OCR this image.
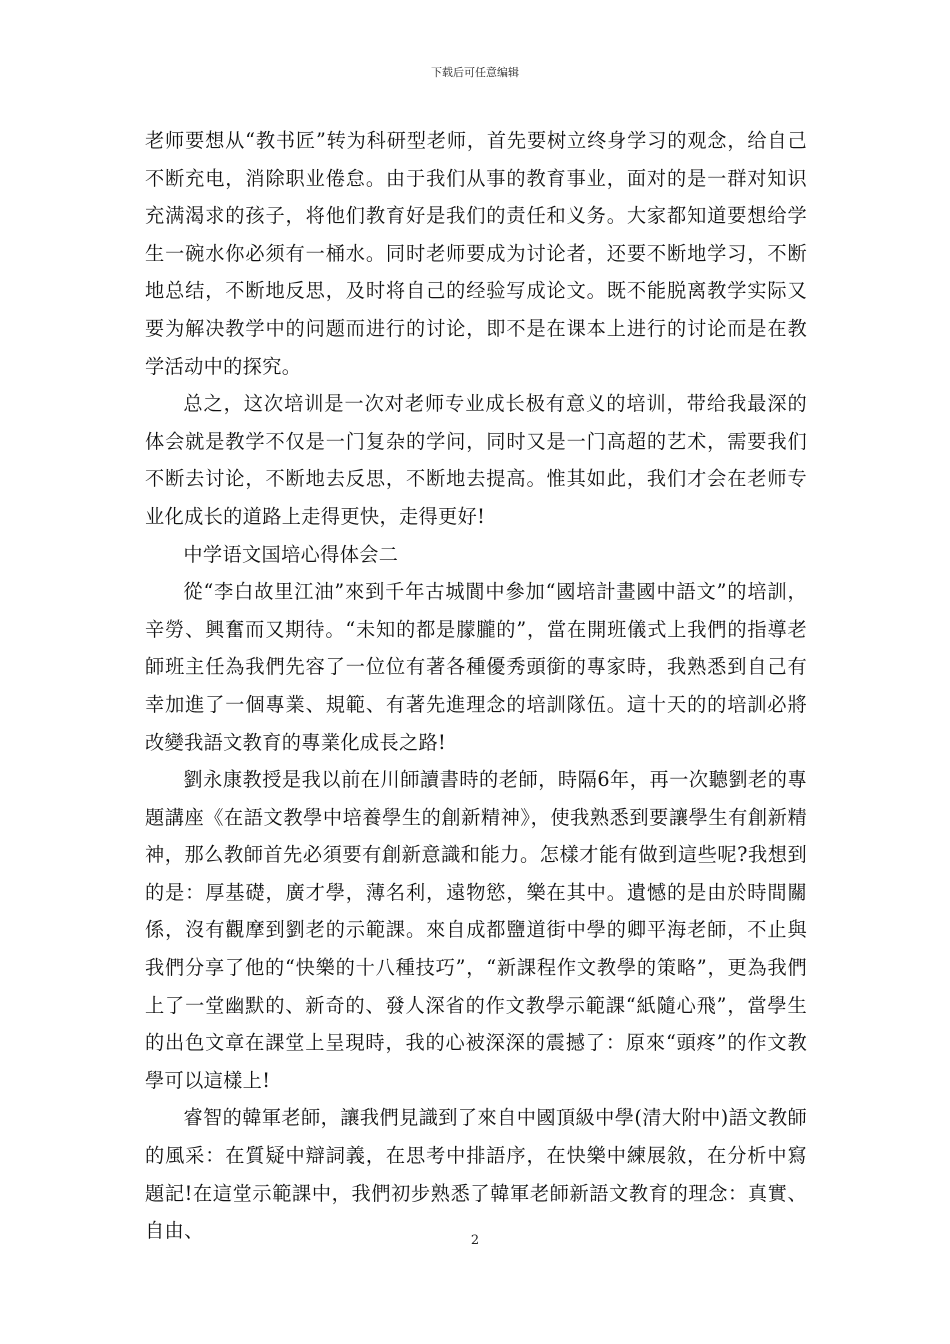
下载后可任意编辑

老师要想从“教书匠”转为科研型老师，首先要树立终身学习的观念，给自己不断充电，消除职业倦怠。由于我们从事的教育事业，面对的是一群对知识充满渴求的孩子，将他们教育好是我们的责任和义务。大家都知道要想给学生一碗水你必须有一桶水。同时老师要成为讨论者，还要不断地学习，不断地总结，不断地反思，及时将自己的经验写成论文。既不能脱离教学实际又要为解决教学中的问题而进行的讨论，即不是在课本上进行的讨论而是在教学活动中的探究。

总之，这次培训是一次对老师专业成长极有意义的培训，带给我最深的体会就是教学不仅是一门复杂的学问，同时又是一门高超的艺术，需要我们不断去讨论，不断地去反思，不断地去提高。惟其如此，我们才会在老师专业化成长的道路上走得更快，走得更好!

中学语文国培心得体会二

從“李白故里江油”來到千年古城閬中參加“國培計畫國中語文”的培訓，辛勞、興奮而又期待。“未知的都是朦朧的”，當在開班儀式上我們的指導老師班主任為我們先容了一位位有著各種優秀頭銜的專家時，我熟悉到自己有幸加進了一個專業、規範、有著先進理念的培訓隊伍。這十天的的培訓必將改變我語文教育的專業化成長之路!

劉永康教授是我以前在川師讀書時的老師，時隔6年，再一次聽劉老的專題講座《在語文教學中培養學生的創新精神》，使我熟悉到要讓學生有創新精神，那么教師首先必須要有創新意識和能力。怎樣才能有做到這些呢?我想到的是：厚基礎，廣才學，薄名利，遠物慾，樂在其中。遺憾的是由於時間關係，沒有觀摩到劉老的示範課。來自成都鹽道街中學的卿平海老師，不止與我們分享了他的“快樂的十八種技巧”，“新課程作文教學的策略”，更為我們上了一堂幽默的、新奇的、發人深省的作文教學示範課“紙隨心飛”，當學生的出色文章在課堂上呈現時，我的心被深深的震撼了：原來“頭疼”的作文教學可以這樣上!

睿智的韓軍老師，讓我們見識到了來自中國頂級中學(清大附中)語文教師的風采：在質疑中辯詞義，在思考中排語序，在快樂中練展敘，在分析中寫題記!在這堂示範課中，我們初步熟悉了韓軍老師新語文教育的理念：真實、自由、	2
